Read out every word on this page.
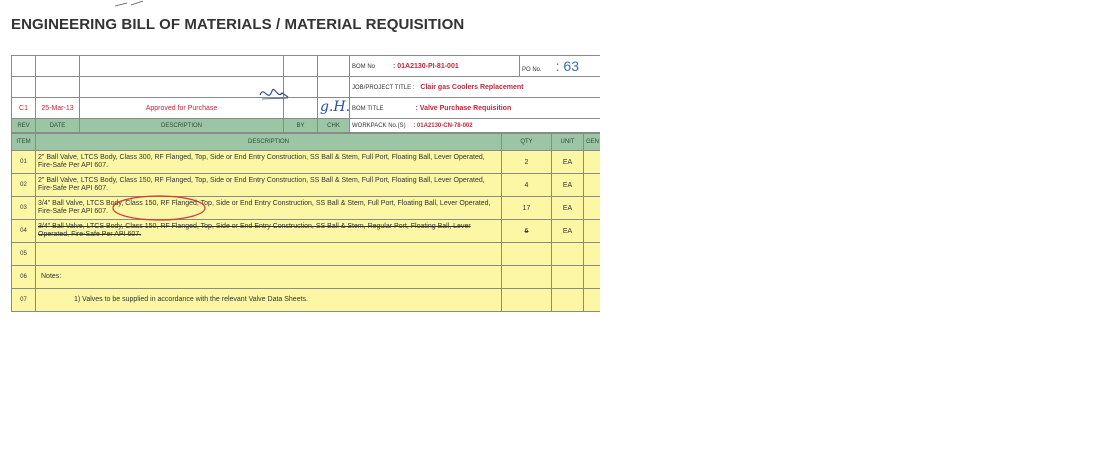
ENGINEERING BILL OF MATERIALS / MATERIAL REQUISITION
					BOM No : 01A2130-PI-81-001	PO No. : 63
					JOB/PROJECT TITLE : Clair gas Coolers Replacement	
C1	25-Mar-13	Approved for Purchase		g.H.	BOM TITLE : Valve Purchase Requisition	
REV	DATE	DESCRIPTION	BY	CHK	WORKPACK No.(S) : 01A2130-CN-78-002	
ITEM	DESCRIPTION	QTY	UNIT	GEN
01	2" Ball Valve, LTCS Body, Class 300, RF Flanged, Top, Side or End Entry Construction, SS Ball & Stem, Full Port, Floating Ball, Lever Operated, Fire-Safe Per API 607.	2	EA	
02	2" Ball Valve, LTCS Body, Class 150, RF Flanged, Top, Side or End Entry Construction, SS Ball & Stem, Full Port, Floating Ball, Lever Operated, Fire-Safe Per API 607.	4	EA	
03	3/4" Ball Valve, LTCS Body, Class 150, RF Flanged, Top, Side or End Entry Construction, SS Ball & Stem, Full Port, Floating Ball, Lever Operated, Fire-Safe Per API 607.	17	EA	
04	3/4" Ball Valve, LTCS Body, Class 150, RF Flanged, Top, Side or End Entry Construction, SS Ball & Stem, Regular Port, Floating Ball, Lever Operated, Fire-Safe Per API 607.	6	EA	
05				
06	Notes:			
07	1) Valves to be supplied in accordance with the relevant Valve Data Sheets.			
